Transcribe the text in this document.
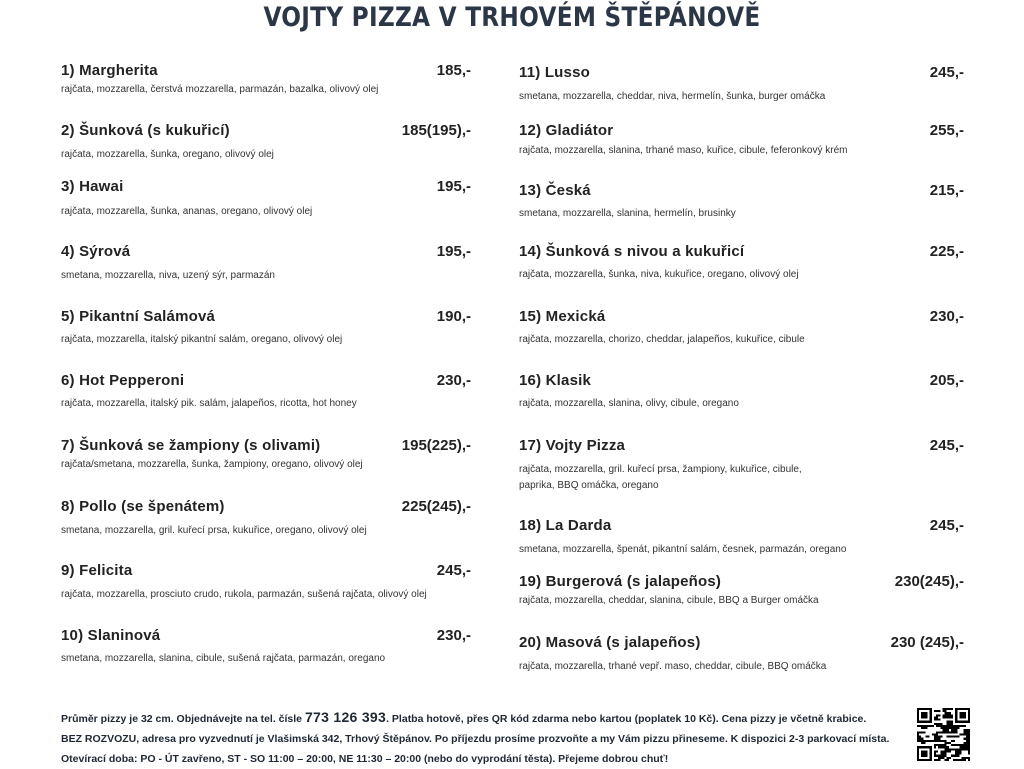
VOJTY PIZZA V TRHOVÉM ŠTĚPÁNOVĚ
1) Margherita	185,-
rajčata, mozzarella, čerstvá mozzarella, parmazán, bazalka, olivový olej
2) Šunková (s kukuřicí)	185(195),-
rajčata, mozzarella, šunka, oregano, olivový olej
3) Hawai	195,-
rajčata, mozzarella, šunka, ananas, oregano, olivový olej
4) Sýrová	195,-
smetana, mozzarella, niva, uzený sýr, parmazán
5) Pikantní Salámová	190,-
rajčata, mozzarella, italský pikantní salám, oregano, olivový olej
6) Hot Pepperoni	230,-
rajčata, mozzarella, italský pik. salám, jalapeños, ricotta, hot honey
7) Šunková se žampiony (s olivami)	195(225),-
rajčata/smetana, mozzarella, šunka, žampiony, oregano, olivový olej
8) Pollo (se špenátem)	225(245),-
smetana, mozzarella, gril. kuřecí prsa, kukuřice, oregano, olivový olej
9) Felicita	245,-
rajčata, mozzarella, prosciuto crudo, rukola, parmazán, sušená rajčata, olivový olej
10) Slaninová	230,-
smetana, mozzarella, slanina, cibule, sušená rajčata, parmazán, oregano
11) Lusso	245,-
smetana, mozzarella, cheddar, niva, hermelín, šunka, burger omáčka
12) Gladiátor	255,-
rajčata, mozzarella, slanina, trhané maso, kuřice, cibule, feferonkový krém
13) Česká	215,-
smetana, mozzarella, slanina, hermelín, brusinky
14) Šunková s nivou a kukuřicí	225,-
rajčata, mozzarella, šunka, niva, kukuřice, oregano, olivový olej
15) Mexická	230,-
rajčata, mozzarella, chorizo, cheddar, jalapeños, kukuřice, cibule
16) Klasik	205,-
rajčata, mozzarella, slanina, olivy, cibule, oregano
17) Vojty Pizza	245,-
rajčata, mozzarella, gril. kuřecí prsa, žampiony, kukuřice, cibule,
paprika, BBQ omáčka, oregano
18) La Darda	245,-
smetana, mozzarella, špenát, pikantní salám, česnek, parmazán, oregano
19) Burgerová (s jalapeños)	230(245),-
rajčata, mozzarella, cheddar, slanina, cibule, BBQ a Burger omáčka
20) Masová (s jalapeños)	230 (245),-
rajčata, mozzarella, trhané vepř. maso, cheddar, cibule, BBQ omáčka
Průměr pizzy je 32 cm. Objednávejte na tel. čísle 773 126 393. Platba hotově, přes QR kód zdarma nebo kartou (poplatek 10 Kč). Cena pizzy je včetně krabice.
BEZ ROZVOZU, adresa pro vyzvednutí je Vlašimská 342, Trhový Štěpánov. Po příjezdu prosíme prozvoňte a my Vám pizzu přineseme. K dispozici 2-3 parkovací místa.
Otevírací doba: PO - ÚT zavřeno, ST - SO 11:00 – 20:00, NE 11:30 – 20:00 (nebo do vyprodání těsta). Přejeme dobrou chuť!
